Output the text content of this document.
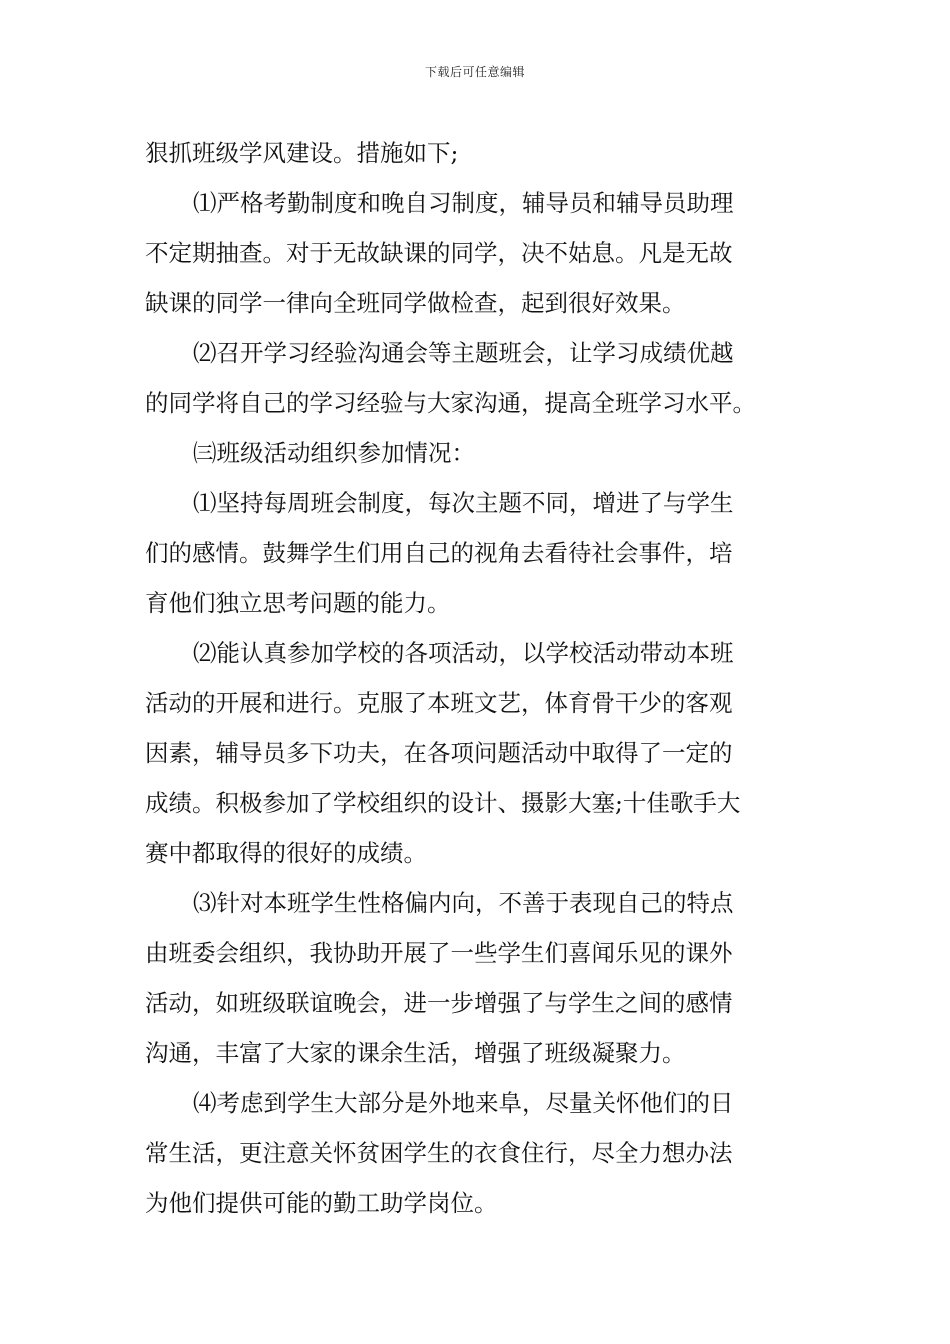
下载后可任意编辑
狠抓班级学风建设。措施如下;
⑴严格考勤制度和晚自习制度，辅导员和辅导员助理
不定期抽查。对于无故缺课的同学，决不姑息。凡是无故
缺课的同学一律向全班同学做检查，起到很好效果。
⑵召开学习经验沟通会等主题班会，让学习成绩优越
的同学将自己的学习经验与大家沟通，提高全班学习水平。
㈢班级活动组织参加情况：
⑴坚持每周班会制度，每次主题不同，增进了与学生
们的感情。鼓舞学生们用自己的视角去看待社会事件，培
育他们独立思考问题的能力。
⑵能认真参加学校的各项活动，以学校活动带动本班
活动的开展和进行。克服了本班文艺，体育骨干少的客观
因素，辅导员多下功夫，在各项问题活动中取得了一定的
成绩。积极参加了学校组织的设计、摄影大塞;十佳歌手大
赛中都取得的很好的成绩。
⑶针对本班学生性格偏内向，不善于表现自己的特点
由班委会组织，我协助开展了一些学生们喜闻乐见的课外
活动，如班级联谊晚会，进一步增强了与学生之间的感情
沟通，丰富了大家的课余生活，增强了班级凝聚力。
⑷考虑到学生大部分是外地来阜，尽量关怀他们的日
常生活，更注意关怀贫困学生的衣食住行，尽全力想办法
为他们提供可能的勤工助学岗位。
